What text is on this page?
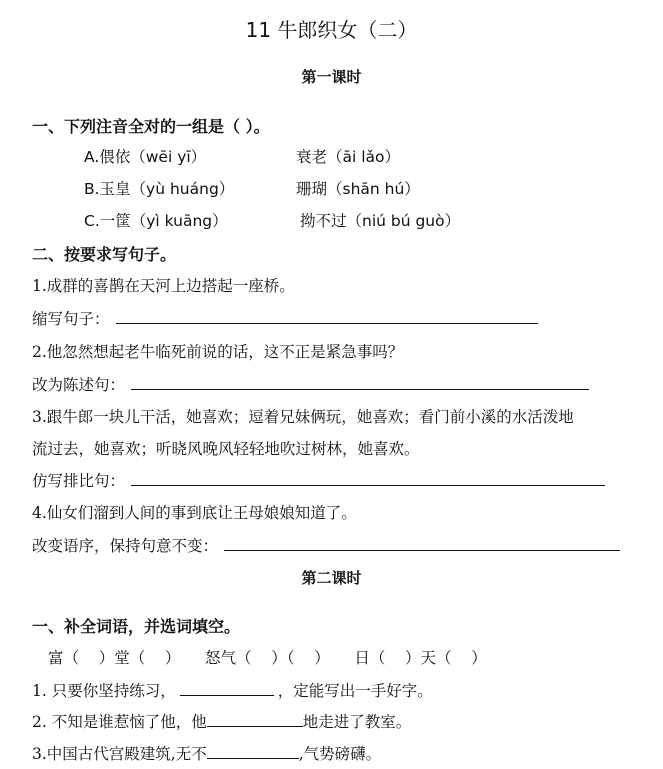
11 牛郎织女（二）
第一课时
一、下列注音全对的一组是（ ）。
A.偎依（wēi yī）	衰老（āi lǎo）
B.玉皇（yù huáng）	珊瑚（shān hú）
C.一筐（yì kuāng）	拗不过（niú bú guò）
二、按要求写句子。
1.成群的喜鹊在天河上边搭起一座桥。
缩写句子：
2.他忽然想起老牛临死前说的话，这不正是紧急事吗？
改为陈述句：
3.跟牛郎一块儿干活，她喜欢；逗着兄妹俩玩，她喜欢；看门前小溪的水活泼地
流过去，她喜欢；听晓风晚风轻轻地吹过树林，她喜欢。
仿写排比句：
4.仙女们溜到人间的事到底让王母娘娘知道了。
改变语序，保持句意不变：
第二课时
一、补全词语，并选词填空。
富（    ）堂（    ）     怒气（    ）（    ）     日（    ）天（    ）
1. 只要你坚持练习，	，定能写出一手好字。
2. 不知是谁惹恼了他，他	地走进了教室。
3.中国古代宫殿建筑,无不	,气势磅礴。
